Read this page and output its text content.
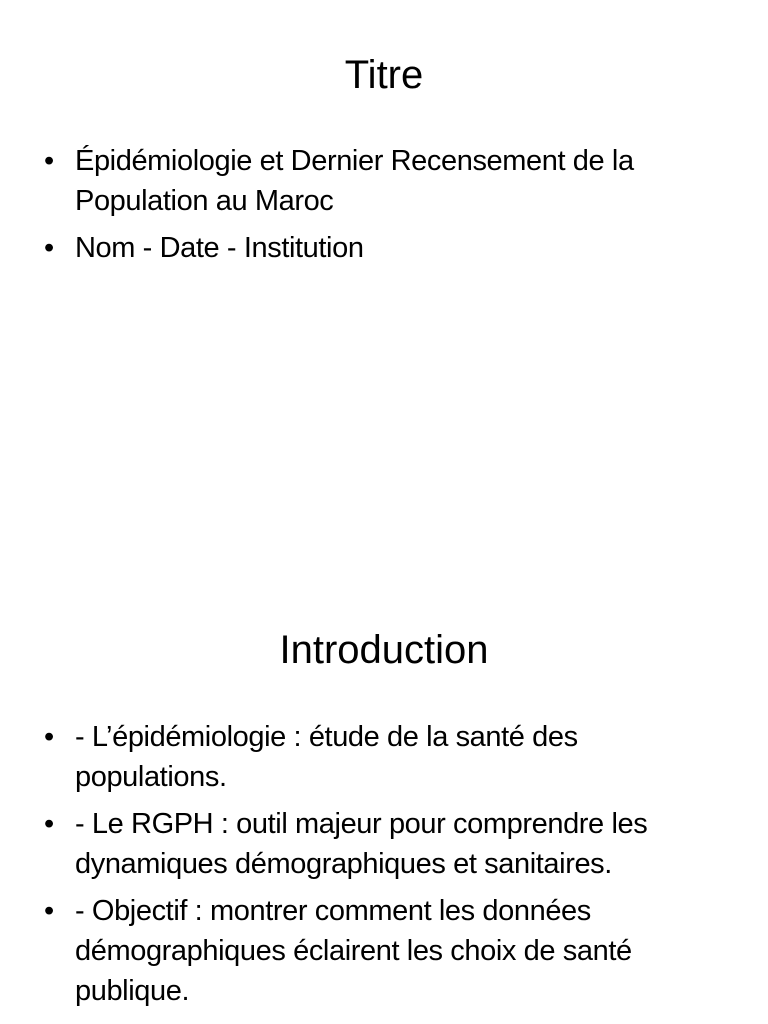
Titre
• Épidémiologie et Dernier Recensement de la Population au Maroc
• Nom - Date - Institution
Introduction
• - L’épidémiologie : étude de la santé des populations.
• - Le RGPH : outil majeur pour comprendre les dynamiques démographiques et sanitaires.
• - Objectif : montrer comment les données démographiques éclairent les choix de santé publique.
